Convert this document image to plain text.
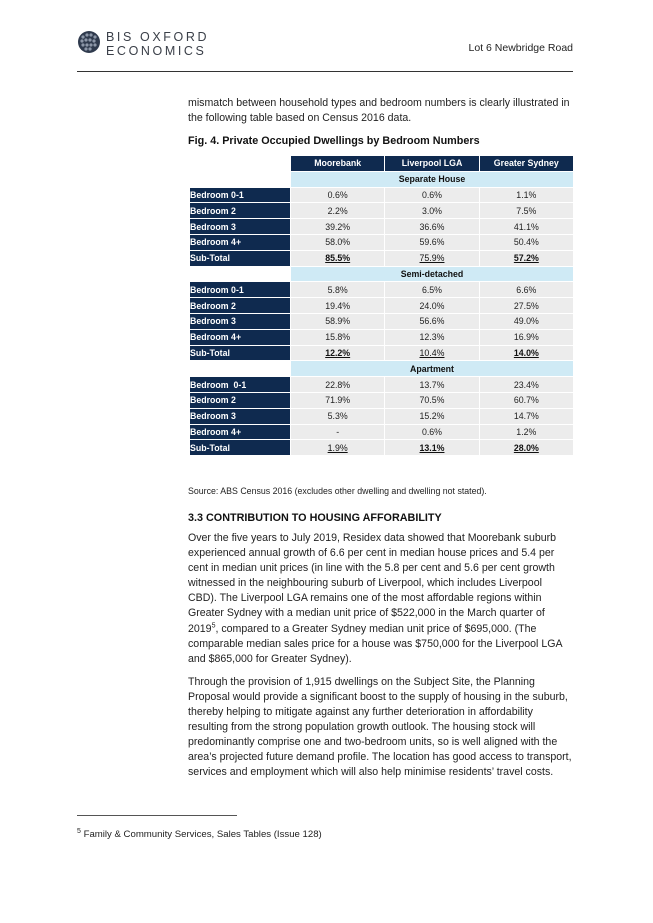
BIS OXFORD
ECONOMICS	Lot 6 Newbridge Road

mismatch between household types and bedroom numbers is clearly illustrated in the following table based on Census 2016 data.

Fig. 4. Private Occupied Dwellings by Bedroom Numbers
	Moorebank	Liverpool LGA	Greater Sydney
	Separate House		
Bedroom 0-1	0.6%	0.6%	1.1%
Bedroom 2	2.2%	3.0%	7.5%
Bedroom 3	39.2%	36.6%	41.1%
Bedroom 4+	58.0%	59.6%	50.4%
Sub-Total	85.5%	75.9%	57.2%
	Semi-detached		
Bedroom 0-1	5.8%	6.5%	6.6%
Bedroom 2	19.4%	24.0%	27.5%
Bedroom 3	58.9%	56.6%	49.0%
Bedroom 4+	15.8%	12.3%	16.9%
Sub-Total	12.2%	10.4%	14.0%
	Apartment		
Bedroom  0-1	22.8%	13.7%	23.4%
Bedroom 2	71.9%	70.5%	60.7%
Bedroom 3	5.3%	15.2%	14.7%
Bedroom 4+	-	0.6%	1.2%
Sub-Total	1.9%	13.1%	28.0%
Source: ABS Census 2016 (excludes other dwelling and dwelling not stated).
3.3 CONTRIBUTION TO HOUSING AFFORABILITY

Over the five years to July 2019, Residex data showed that Moorebank suburb experienced annual growth of 6.6 per cent in median house prices and 5.4 per cent in median unit prices (in line with the 5.8 per cent and 5.6 per cent growth witnessed in the neighbouring suburb of Liverpool, which includes Liverpool CBD). The Liverpool LGA remains one of the most affordable regions within Greater Sydney with a median unit price of $522,000 in the March quarter of 2019$^5$, compared to a Greater Sydney median unit price of $695,000. (The comparable median sales price for a house was $750,000 for the Liverpool LGA and $865,000 for Greater Sydney).

Through the provision of 1,915 dwellings on the Subject Site, the Planning Proposal would provide a significant boost to the supply of housing in the suburb, thereby helping to mitigate against any further deterioration in affordability resulting from the strong population growth outlook. The housing stock will predominantly comprise one and two-bedroom units, so is well aligned with the area’s projected future demand profile. The location has good access to transport, services and employment which will also help minimise residents’ travel costs.

$^5$ Family & Community Services, Sales Tables (Issue 128)
